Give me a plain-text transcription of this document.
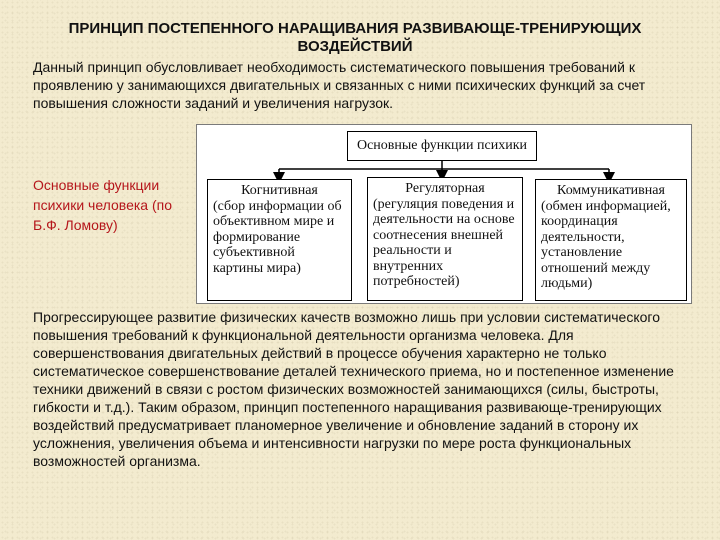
ПРИНЦИП ПОСТЕПЕННОГО НАРАЩИВАНИЯ РАЗВИВАЮЩЕ-ТРЕНИРУЮЩИХ ВОЗДЕЙСТВИЙ

Данный принцип обусловливает необходимость систематического повышения требований к проявлению у занимающихся двигательных и связанных с ними психических функций за счет повышения сложности заданий и увеличения нагрузок.

Основные функции психики человека (по Б.Ф. Ломову)
Основные функции психики
Когнитивная
(сбор информации об объективном мире и формирование субъективной картины мира)
Регуляторная
(регуляция поведения и деятельности на основе соотнесения внешней реальности и внутренних потребностей)
Коммуникативная
(обмен информацией, координация деятельности, установление отношений между людьми)

Прогрессирующее развитие физических качеств возможно лишь при условии систематического повышения требований к функциональной деятельности организма человека. Для совершенствования двигательных действий в процессе обучения характерно не только систематическое совершенствование деталей технического приема, но и постепенное изменение техники движений в связи с ростом физических возможностей занимающихся (силы, быстроты, гибкости и т.д.). Таким образом, принцип постепенного наращивания развивающе-тренирующих воздействий предусматривает планомерное увеличение и обновление заданий в сторону их усложнения, увеличения объема и интенсивности нагрузки по мере роста функциональных возможностей организма.
